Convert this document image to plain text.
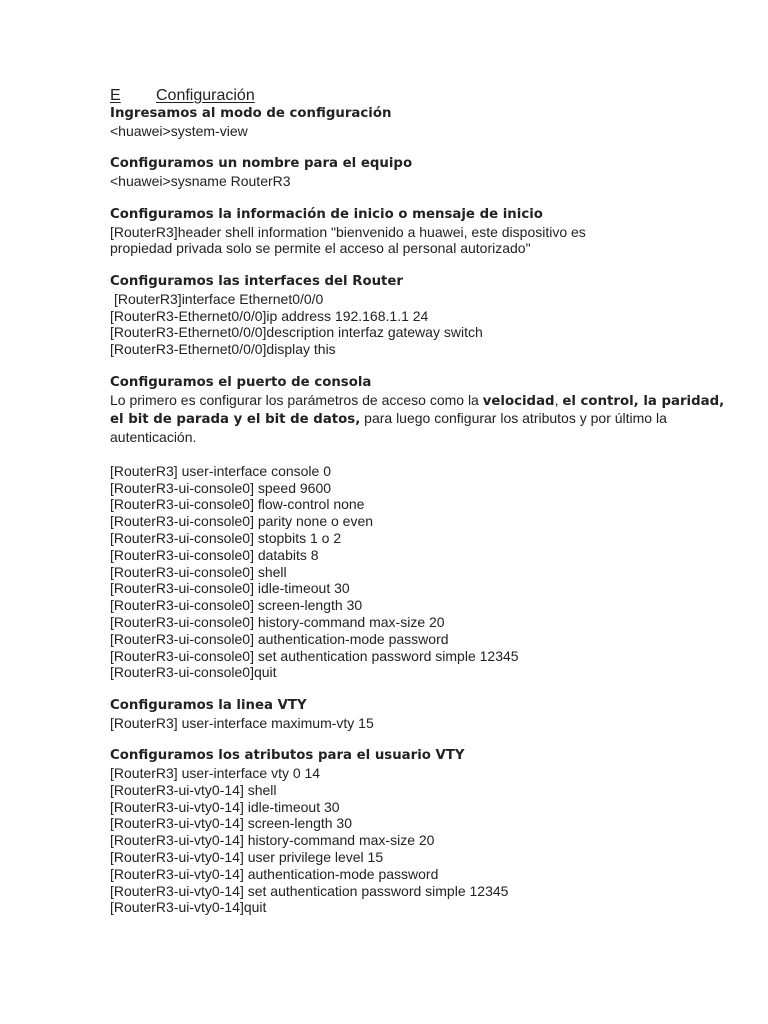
E	Configuración
Ingresamos al modo de configuración
<huawei>system-view
Configuramos un nombre para el equipo
<huawei>sysname RouterR3
Configuramos la información de inicio o mensaje de inicio
[RouterR3]header shell information "bienvenido a huawei, este dispositivo es
propiedad privada solo se permite el acceso al personal autorizado"
Configuramos las interfaces del Router
[RouterR3]interface Ethernet0/0/0
[RouterR3-Ethernet0/0/0]ip address 192.168.1.1 24
[RouterR3-Ethernet0/0/0]description interfaz gateway switch
[RouterR3-Ethernet0/0/0]display this
Configuramos el puerto de consola
Lo primero es configurar los parámetros de acceso como la velocidad, el control, la paridad, el bit de parada y el bit de datos, para luego configurar los atributos y por último la autenticación.
[RouterR3] user-interface console 0
[RouterR3-ui-console0] speed 9600
[RouterR3-ui-console0] flow-control none
[RouterR3-ui-console0] parity none o even
[RouterR3-ui-console0] stopbits 1 o 2
[RouterR3-ui-console0] databits 8
[RouterR3-ui-console0] shell
[RouterR3-ui-console0] idle-timeout 30
[RouterR3-ui-console0] screen-length 30
[RouterR3-ui-console0] history-command max-size 20
[RouterR3-ui-console0] authentication-mode password
[RouterR3-ui-console0] set authentication password simple 12345
[RouterR3-ui-console0]quit
Configuramos la linea VTY
[RouterR3] user-interface maximum-vty 15
Configuramos los atributos para el usuario VTY
[RouterR3] user-interface vty 0 14
[RouterR3-ui-vty0-14] shell
[RouterR3-ui-vty0-14] idle-timeout 30
[RouterR3-ui-vty0-14] screen-length 30
[RouterR3-ui-vty0-14] history-command max-size 20
[RouterR3-ui-vty0-14] user privilege level 15
[RouterR3-ui-vty0-14] authentication-mode password
[RouterR3-ui-vty0-14] set authentication password simple 12345
[RouterR3-ui-vty0-14]quit
